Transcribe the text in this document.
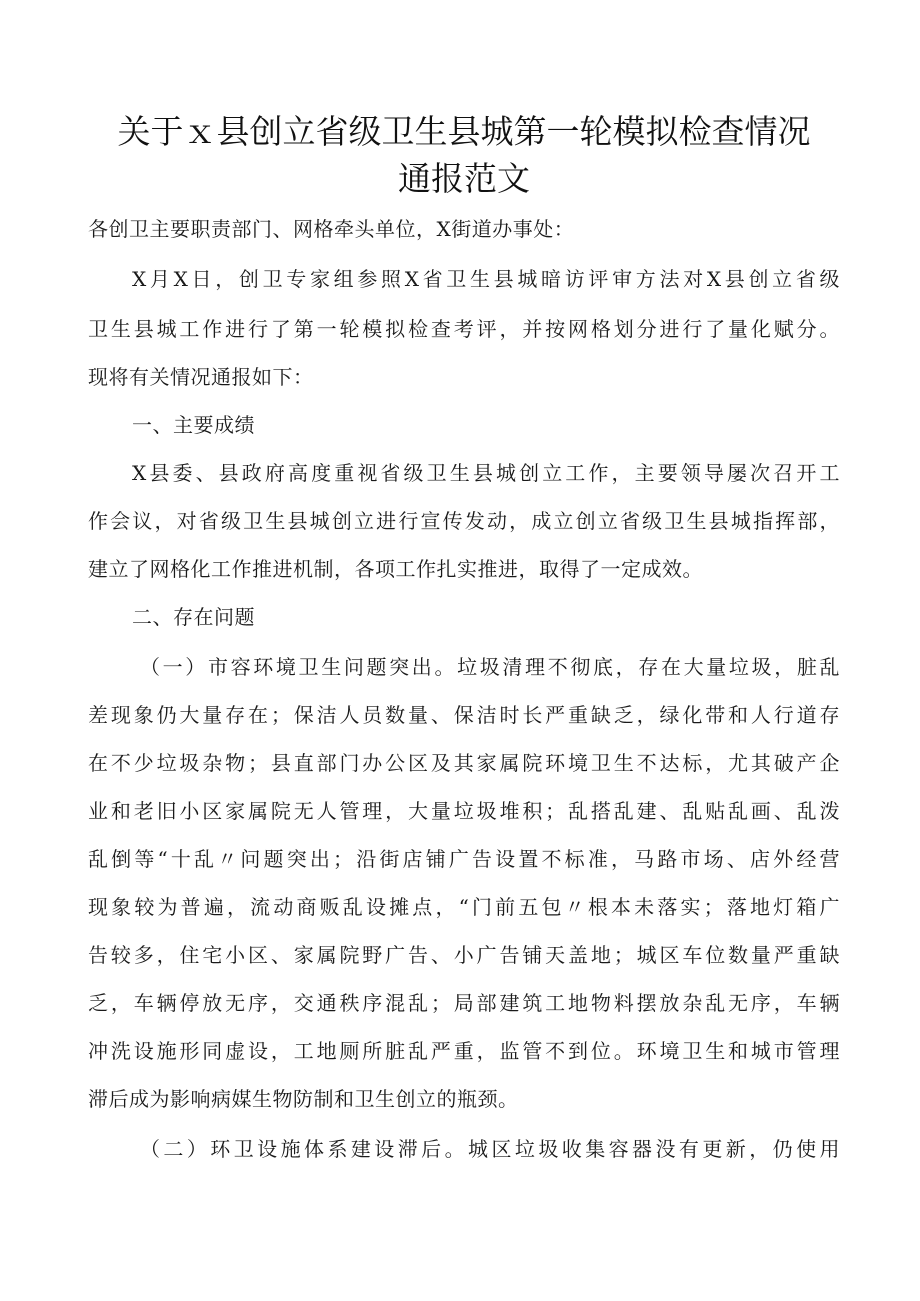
关于ｘ县创立省级卫生县城第一轮模拟检查情况
通报范文
各创卫主要职责部门、网格牵头单位，X街道办事处：
X月X日，创卫专家组参照X省卫生县城暗访评审方法对X县创立省级
卫生县城工作进行了第一轮模拟检查考评，并按网格划分进行了量化赋分。
现将有关情况通报如下：
一、主要成绩
X县委、县政府高度重视省级卫生县城创立工作，主要领导屡次召开工
作会议，对省级卫生县城创立进行宣传发动，成立创立省级卫生县城指挥部，
建立了网格化工作推进机制，各项工作扎实推进，取得了一定成效。
二、存在问题
（一）市容环境卫生问题突出。垃圾清理不彻底，存在大量垃圾，脏乱
差现象仍大量存在；保洁人员数量、保洁时长严重缺乏，绿化带和人行道存
在不少垃圾杂物；县直部门办公区及其家属院环境卫生不达标，尤其破产企
业和老旧小区家属院无人管理，大量垃圾堆积；乱搭乱建、乱贴乱画、乱泼
乱倒等“十乱〃问题突出；沿街店铺广告设置不标准，马路市场、店外经营
现象较为普遍，流动商贩乱设摊点，“门前五包〃根本未落实；落地灯箱广
告较多，住宅小区、家属院野广告、小广告铺天盖地；城区车位数量严重缺
乏，车辆停放无序，交通秩序混乱；局部建筑工地物料摆放杂乱无序，车辆
冲洗设施形同虚设，工地厕所脏乱严重，监管不到位。环境卫生和城市管理
滞后成为影响病媒生物防制和卫生创立的瓶颈。
（二）环卫设施体系建设滞后。城区垃圾收集容器没有更新，仍使用
